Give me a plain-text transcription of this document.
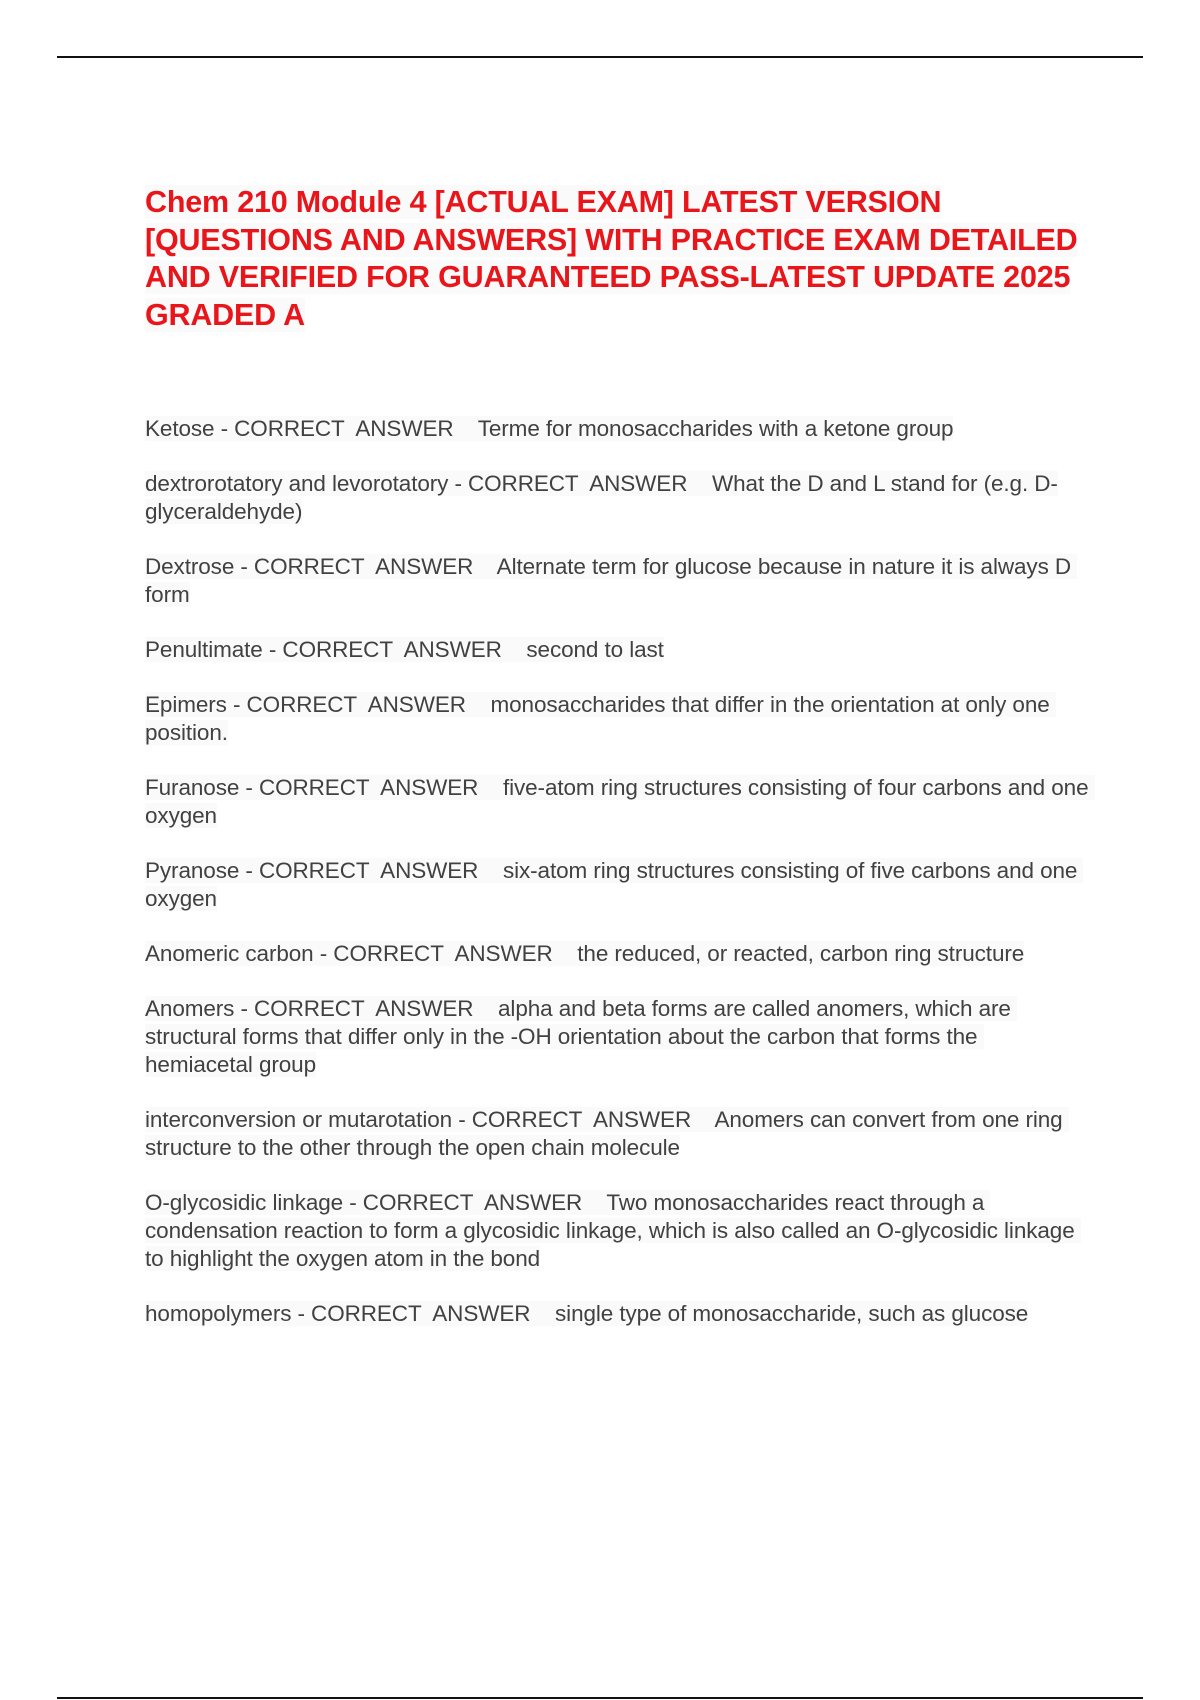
Chem 210 Module 4 [ACTUAL EXAM] LATEST VERSION [QUESTIONS AND ANSWERS] WITH PRACTICE EXAM DETAILED AND VERIFIED FOR GUARANTEED PASS-LATEST UPDATE 2025 GRADED A

Ketose - CORRECT  ANSWER    Terme for monosaccharides with a ketone group

dextrorotatory and levorotatory - CORRECT  ANSWER    What the D and L stand for (e.g. D-glyceraldehyde)

Dextrose - CORRECT  ANSWER    Alternate term for glucose because in nature it is always D form

Penultimate - CORRECT  ANSWER    second to last

Epimers - CORRECT  ANSWER    monosaccharides that differ in the orientation at only one position.

Furanose - CORRECT  ANSWER    five-atom ring structures consisting of four carbons and one oxygen

Pyranose - CORRECT  ANSWER    six-atom ring structures consisting of five carbons and one oxygen

Anomeric carbon - CORRECT  ANSWER    the reduced, or reacted, carbon ring structure

Anomers - CORRECT  ANSWER    alpha and beta forms are called anomers, which are structural forms that differ only in the -OH orientation about the carbon that forms the hemiacetal group

interconversion or mutarotation - CORRECT  ANSWER    Anomers can convert from one ring structure to the other through the open chain molecule

O-glycosidic linkage - CORRECT  ANSWER    Two monosaccharides react through a condensation reaction to form a glycosidic linkage, which is also called an O-glycosidic linkage to highlight the oxygen atom in the bond

homopolymers - CORRECT  ANSWER    single type of monosaccharide, such as glucose
